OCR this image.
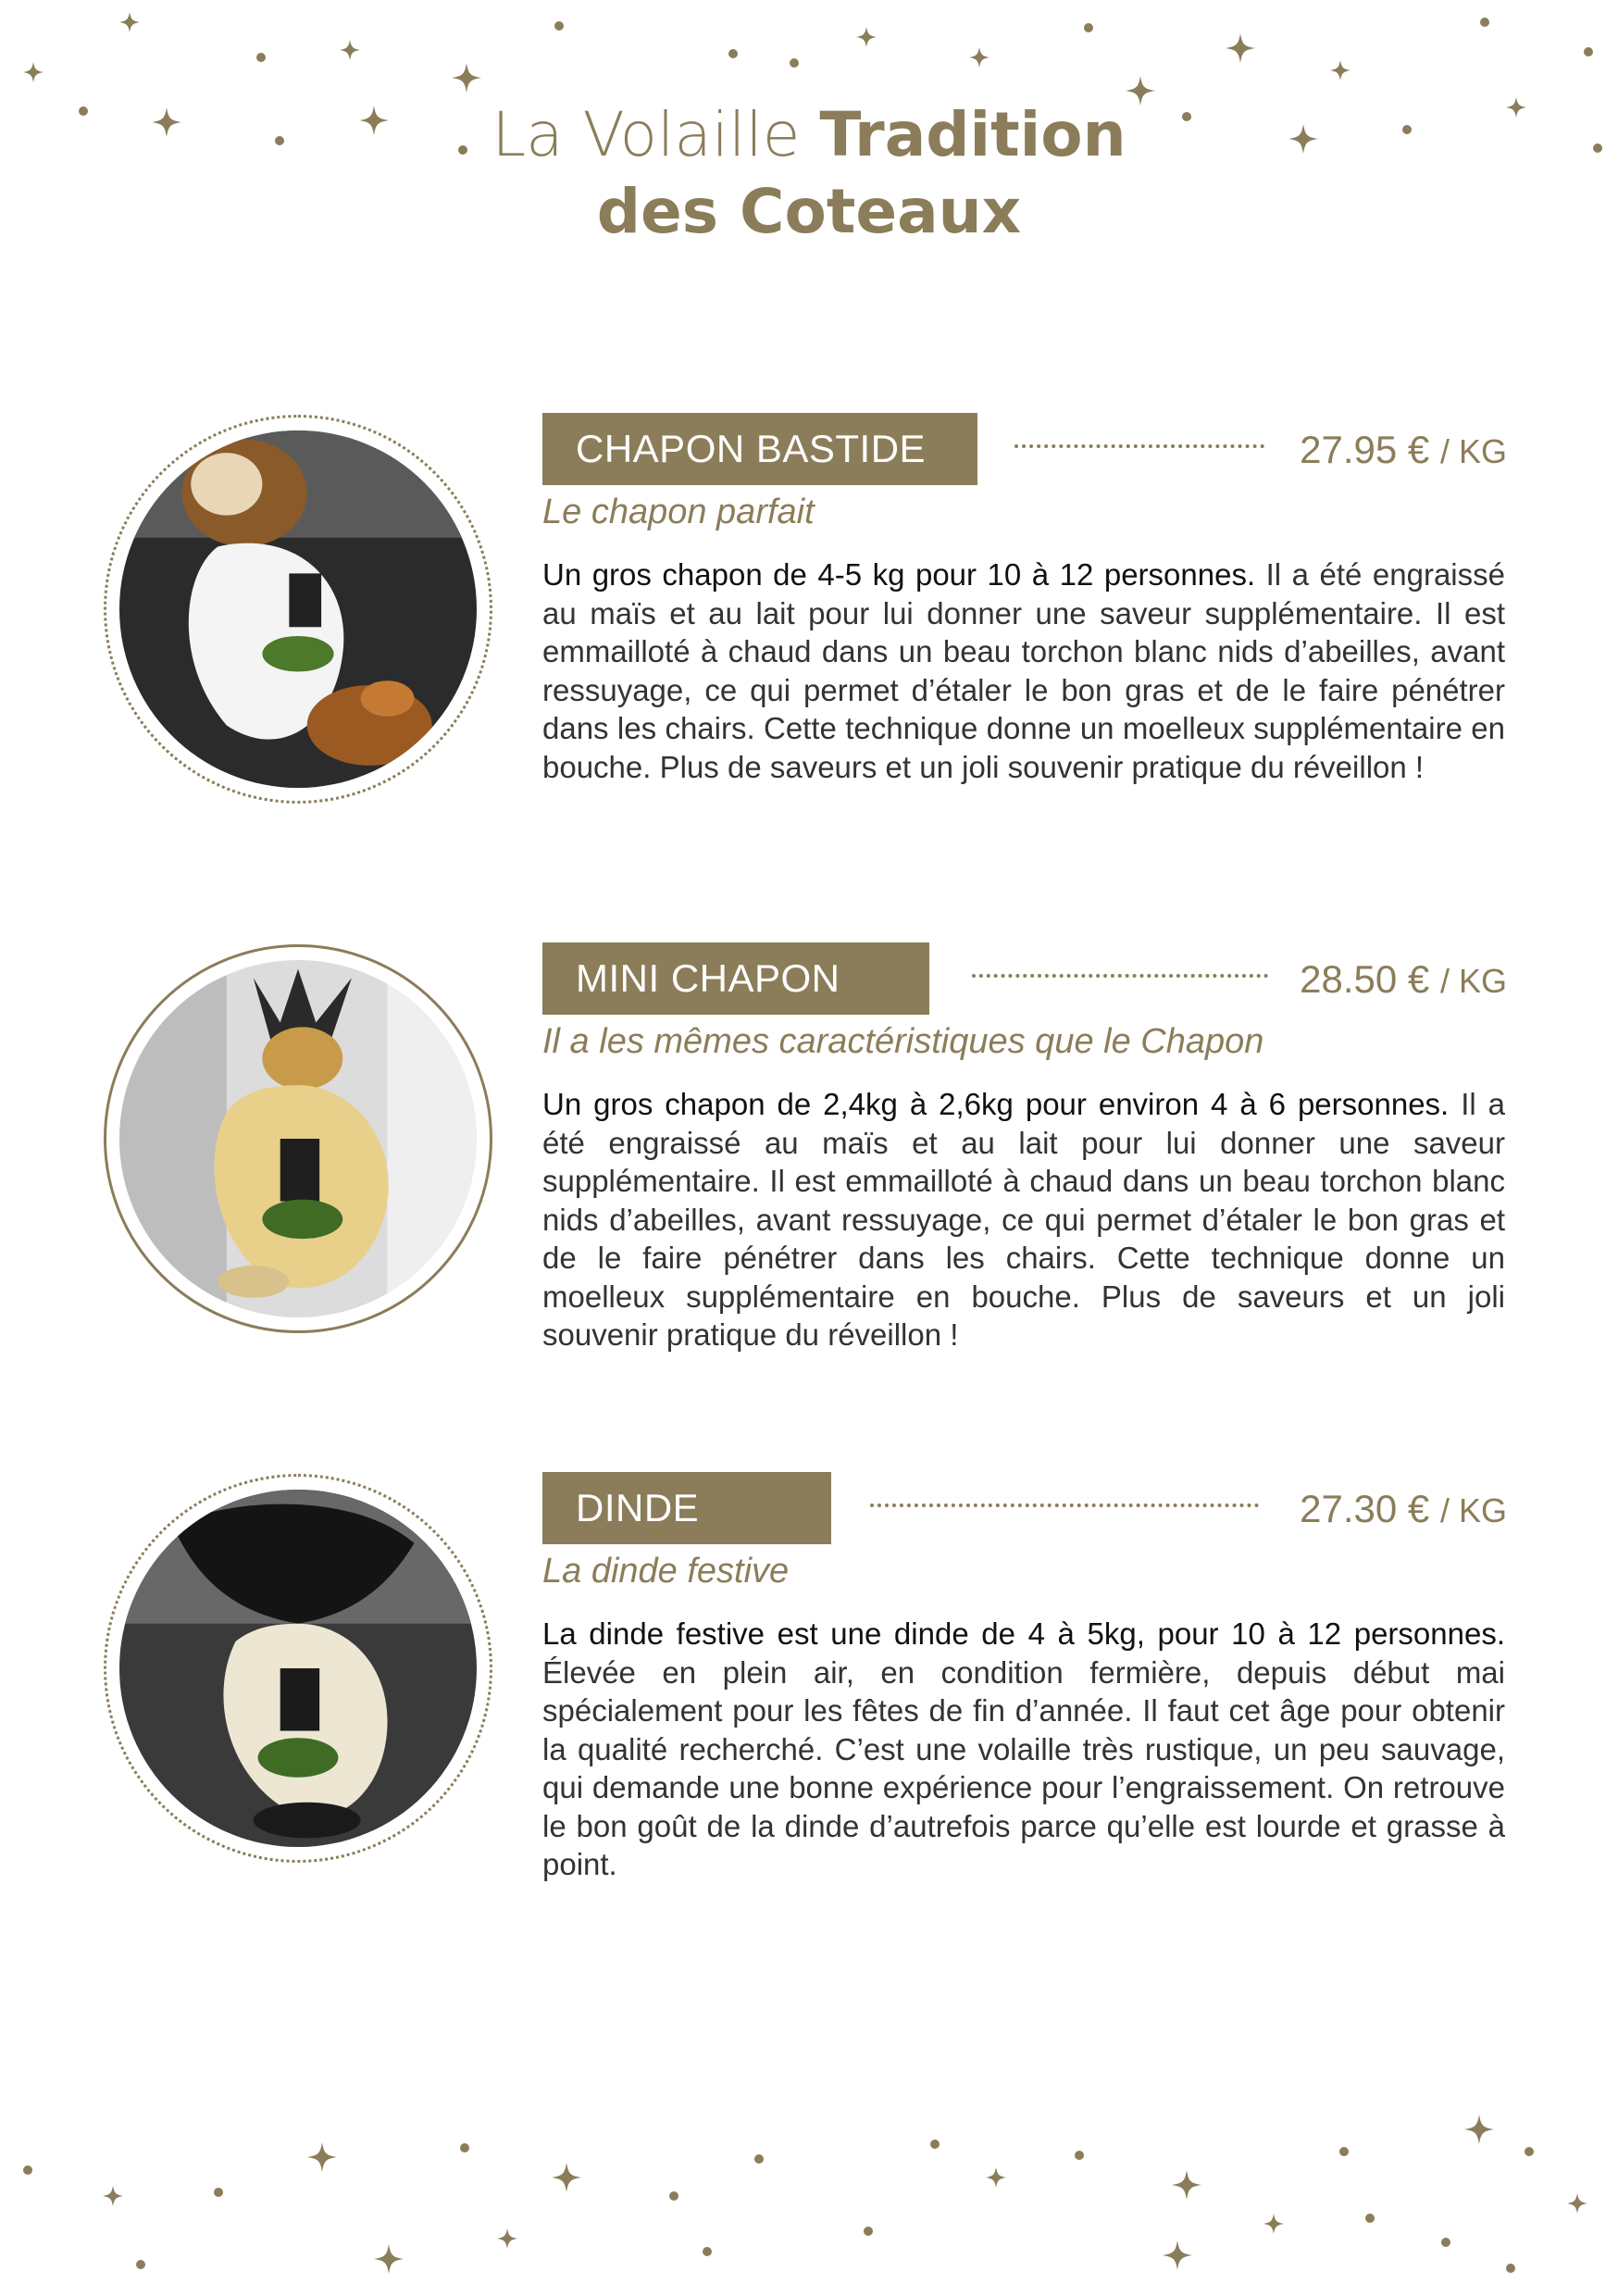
La Volaille Tradition
des Coteaux
CHAPON BASTIDE	27.95 € / KG
Le chapon parfait
Un gros chapon de 4-5 kg pour 10 à 12 personnes. Il a été engraissé au maïs et au lait pour lui donner une saveur supplémentaire. Il est emmailloté à chaud dans un beau torchon blanc nids d’abeilles, avant ressuyage, ce qui permet d’étaler le bon gras et de le faire pénétrer dans les chairs. Cette technique donne un moelleux supplémentaire en bouche. Plus de saveurs et un joli souvenir pratique du réveillon !
MINI CHAPON	28.50 € / KG
Il a les mêmes caractéristiques que le Chapon
Un gros chapon de 2,4kg à 2,6kg pour environ 4 à 6 personnes. Il a été engraissé au maïs et au lait pour lui donner une saveur supplémentaire. Il est emmailloté à chaud dans un beau torchon blanc nids d’abeilles, avant ressuyage, ce qui permet d’étaler le bon gras et de le faire pénétrer dans les chairs. Cette technique donne un moelleux supplémentaire en bouche. Plus de saveurs et un joli souvenir pratique du réveillon !
DINDE	27.30 € / KG
La dinde festive
La dinde festive est une dinde de 4 à 5kg, pour 10 à 12 personnes. Élevée en plein air, en condition fermière, depuis début mai spécialement pour les fêtes de fin d’année. Il faut cet âge pour obtenir la qualité recherché. C’est une volaille très rustique, un peu sauvage, qui demande une bonne expérience pour l’engraissement. On retrouve le bon goût de la dinde d’autrefois parce qu’elle est lourde et grasse à point.
